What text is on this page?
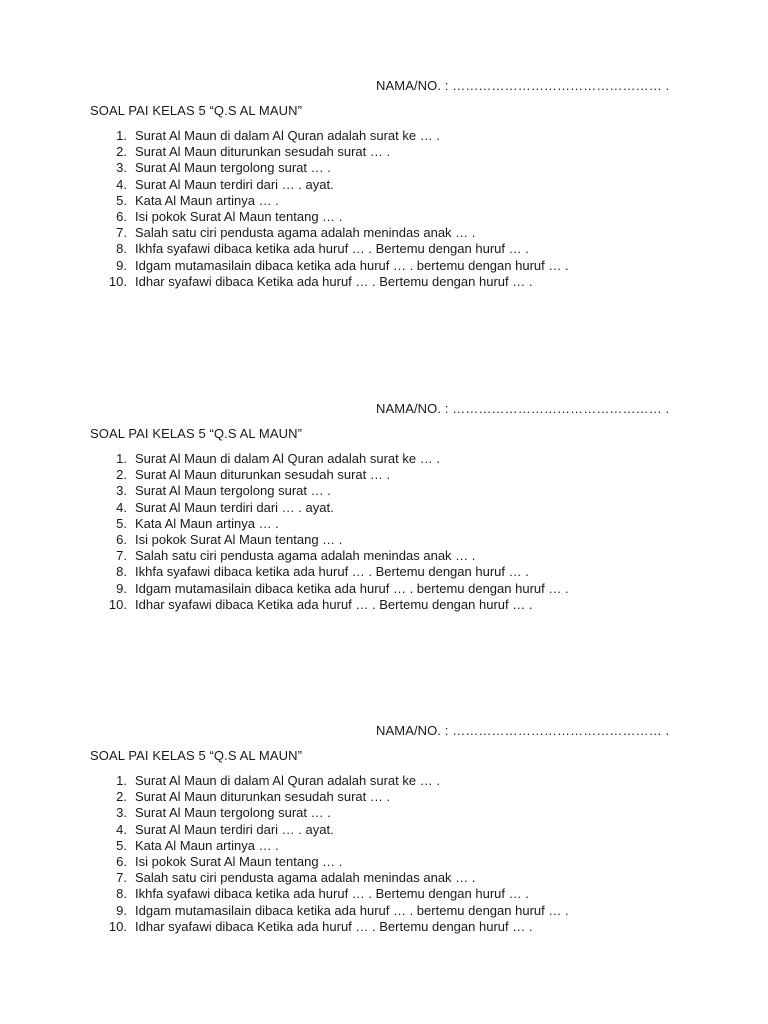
NAMA/NO. : ………………………………………… .
SOAL PAI KELAS 5 “Q.S AL MAUN”
1. Surat Al Maun di dalam Al Quran adalah surat ke … .
2. Surat Al Maun diturunkan sesudah surat … .
3. Surat Al Maun tergolong surat … .
4. Surat Al Maun terdiri dari … . ayat.
5. Kata Al Maun artinya … .
6. Isi pokok Surat Al Maun tentang … .
7. Salah satu ciri pendusta agama adalah menindas anak … .
8. Ikhfa syafawi dibaca ketika ada huruf … . Bertemu dengan huruf … .
9. Idgam mutamasilain dibaca ketika ada huruf … . bertemu dengan huruf … .
10. Idhar syafawi dibaca Ketika ada huruf … . Bertemu dengan huruf … .
NAMA/NO. : ………………………………………… .
SOAL PAI KELAS 5 “Q.S AL MAUN”
1. Surat Al Maun di dalam Al Quran adalah surat ke … .
2. Surat Al Maun diturunkan sesudah surat … .
3. Surat Al Maun tergolong surat … .
4. Surat Al Maun terdiri dari … . ayat.
5. Kata Al Maun artinya … .
6. Isi pokok Surat Al Maun tentang … .
7. Salah satu ciri pendusta agama adalah menindas anak … .
8. Ikhfa syafawi dibaca ketika ada huruf … . Bertemu dengan huruf … .
9. Idgam mutamasilain dibaca ketika ada huruf … . bertemu dengan huruf … .
10. Idhar syafawi dibaca Ketika ada huruf … . Bertemu dengan huruf … .
NAMA/NO. : ………………………………………… .
SOAL PAI KELAS 5 “Q.S AL MAUN”
1. Surat Al Maun di dalam Al Quran adalah surat ke … .
2. Surat Al Maun diturunkan sesudah surat … .
3. Surat Al Maun tergolong surat … .
4. Surat Al Maun terdiri dari … . ayat.
5. Kata Al Maun artinya … .
6. Isi pokok Surat Al Maun tentang … .
7. Salah satu ciri pendusta agama adalah menindas anak … .
8. Ikhfa syafawi dibaca ketika ada huruf … . Bertemu dengan huruf … .
9. Idgam mutamasilain dibaca ketika ada huruf … . bertemu dengan huruf … .
10. Idhar syafawi dibaca Ketika ada huruf … . Bertemu dengan huruf … .
